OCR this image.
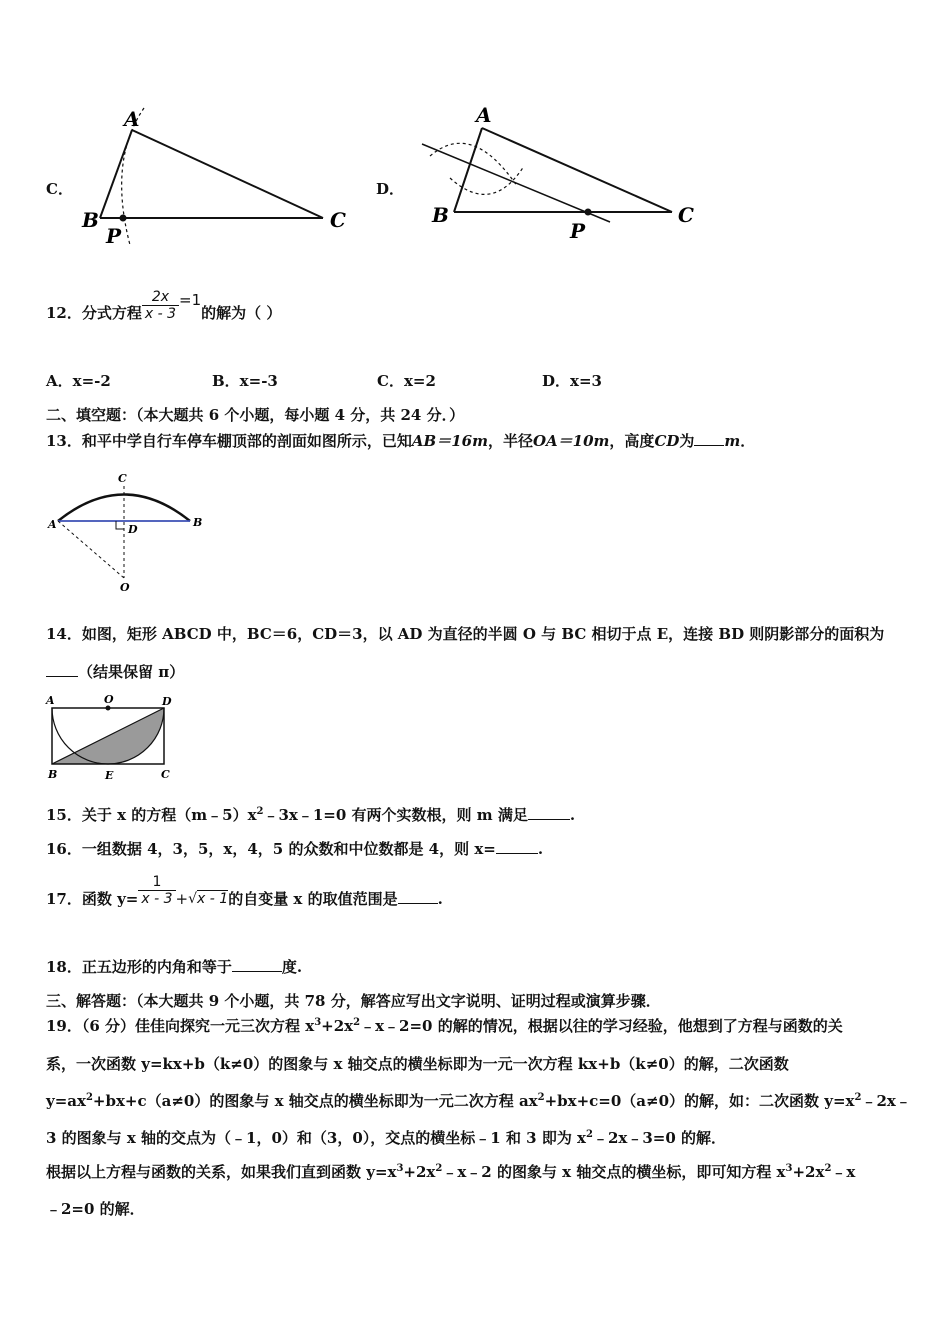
C．
A
B	C
P
D．
A
B	C
P
12．分式方程 $\frac{2x}{x - 3} =1$的解为（ ）
A．x=-2	B．x=-3	C．x=2	D．x=3
二、填空题：（本大题共 6 个小题，每小题 4 分，共 24 分．）
13．和平中学自行车停车棚顶部的剖面如图所示，已知AB＝16m，半径OA＝10m，高度CD为 m．
C
A	B
D
O
14．如图，矩形 ABCD 中，BC＝6，CD＝3，以 AD 为直径的半圆 O 与 BC 相切于点 E，连接 BD 则阴影部分的面积为
（结果保留 π）
A	O	D
B	E	C
15．关于 x 的方程$(m﹣5)x^2﹣3x﹣1=0$ 有两个实数根，则 m 满足	.
16．一组数据 4，3，5，x，4，5 的众数和中位数都是 4，则 x=	.
17．函数 $y= \frac{1}{x - 3} +√x - 1$的自变量 x 的取值范围是	.
18．正五边形的内角和等于	度.
三、解答题：（本大题共 9 个小题，共 78 分，解答应写出文字说明、证明过程或演算步骤．
19．（6 分）佳佳向探究一元三次方程 $x^3+2x^2﹣x﹣2=0$ 的解的情况，根据以往的学习经验，他想到了方程与函数的关
系，一次函数 y=kx+b（k≠0）的图象与 x 轴交点的横坐标即为一元一次方程 kx+b（k≠0）的解，二次函数
$y=ax^2+bx+c(a\ne 0)$的图象与 x 轴交点的横坐标即为一元二次方程 $ax^2+bx+c=0(a\ne 0)$的解，如：二次函数 $y=x^2﹣2x﹣$
3 的图象与 x 轴的交点为（﹣1，0）和（3，0），交点的横坐标﹣1 和 3 即为 $x^2﹣2x﹣3=0$ 的解．
根据以上方程与函数的关系，如果我们直到函数 $y=x^3+2x^2﹣x﹣2$ 的图象与 x 轴交点的横坐标，即可知方程 $x^3+2x^2﹣x$
﹣2=0 的解．
